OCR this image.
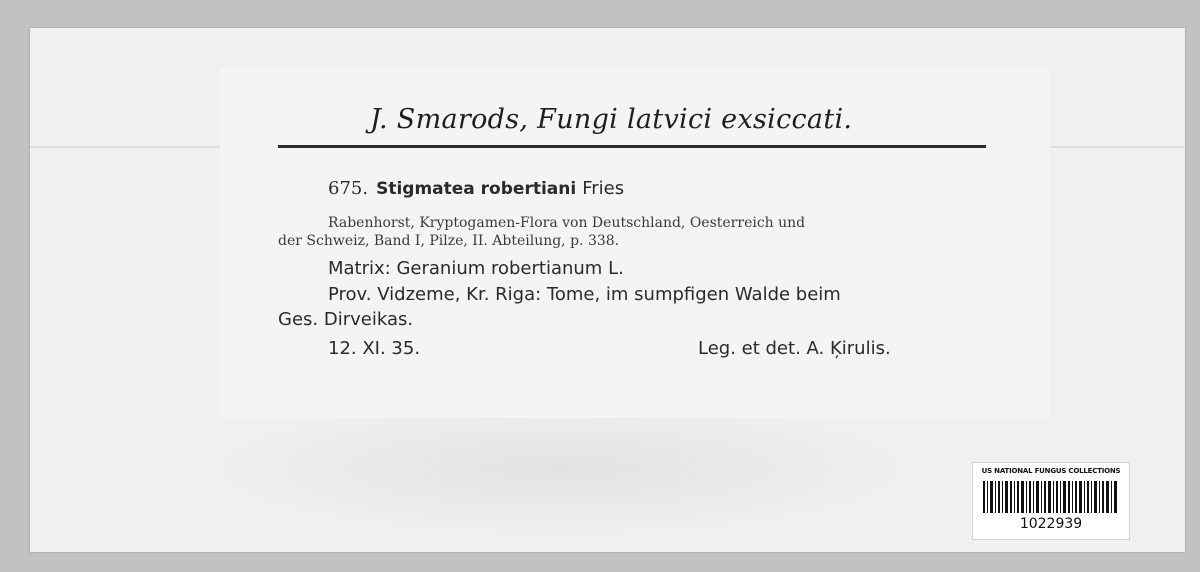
J. Smarods, Fungi latvici exsiccati.
675. Stigmatea robertiani Fries
Rabenhorst, Kryptogamen-Flora von Deutschland, Oesterreich und
der Schweiz, Band I, Pilze, II. Abteilung, p. 338.
Matrix: Geranium robertianum L.
Prov. Vidzeme, Kr. Riga: Tome, im sumpfigen Walde beim
Ges. Dirveikas.
12. XI. 35.	Leg. et det. A. Ķirulis.
US NATIONAL FUNGUS COLLECTIONS
1022939
